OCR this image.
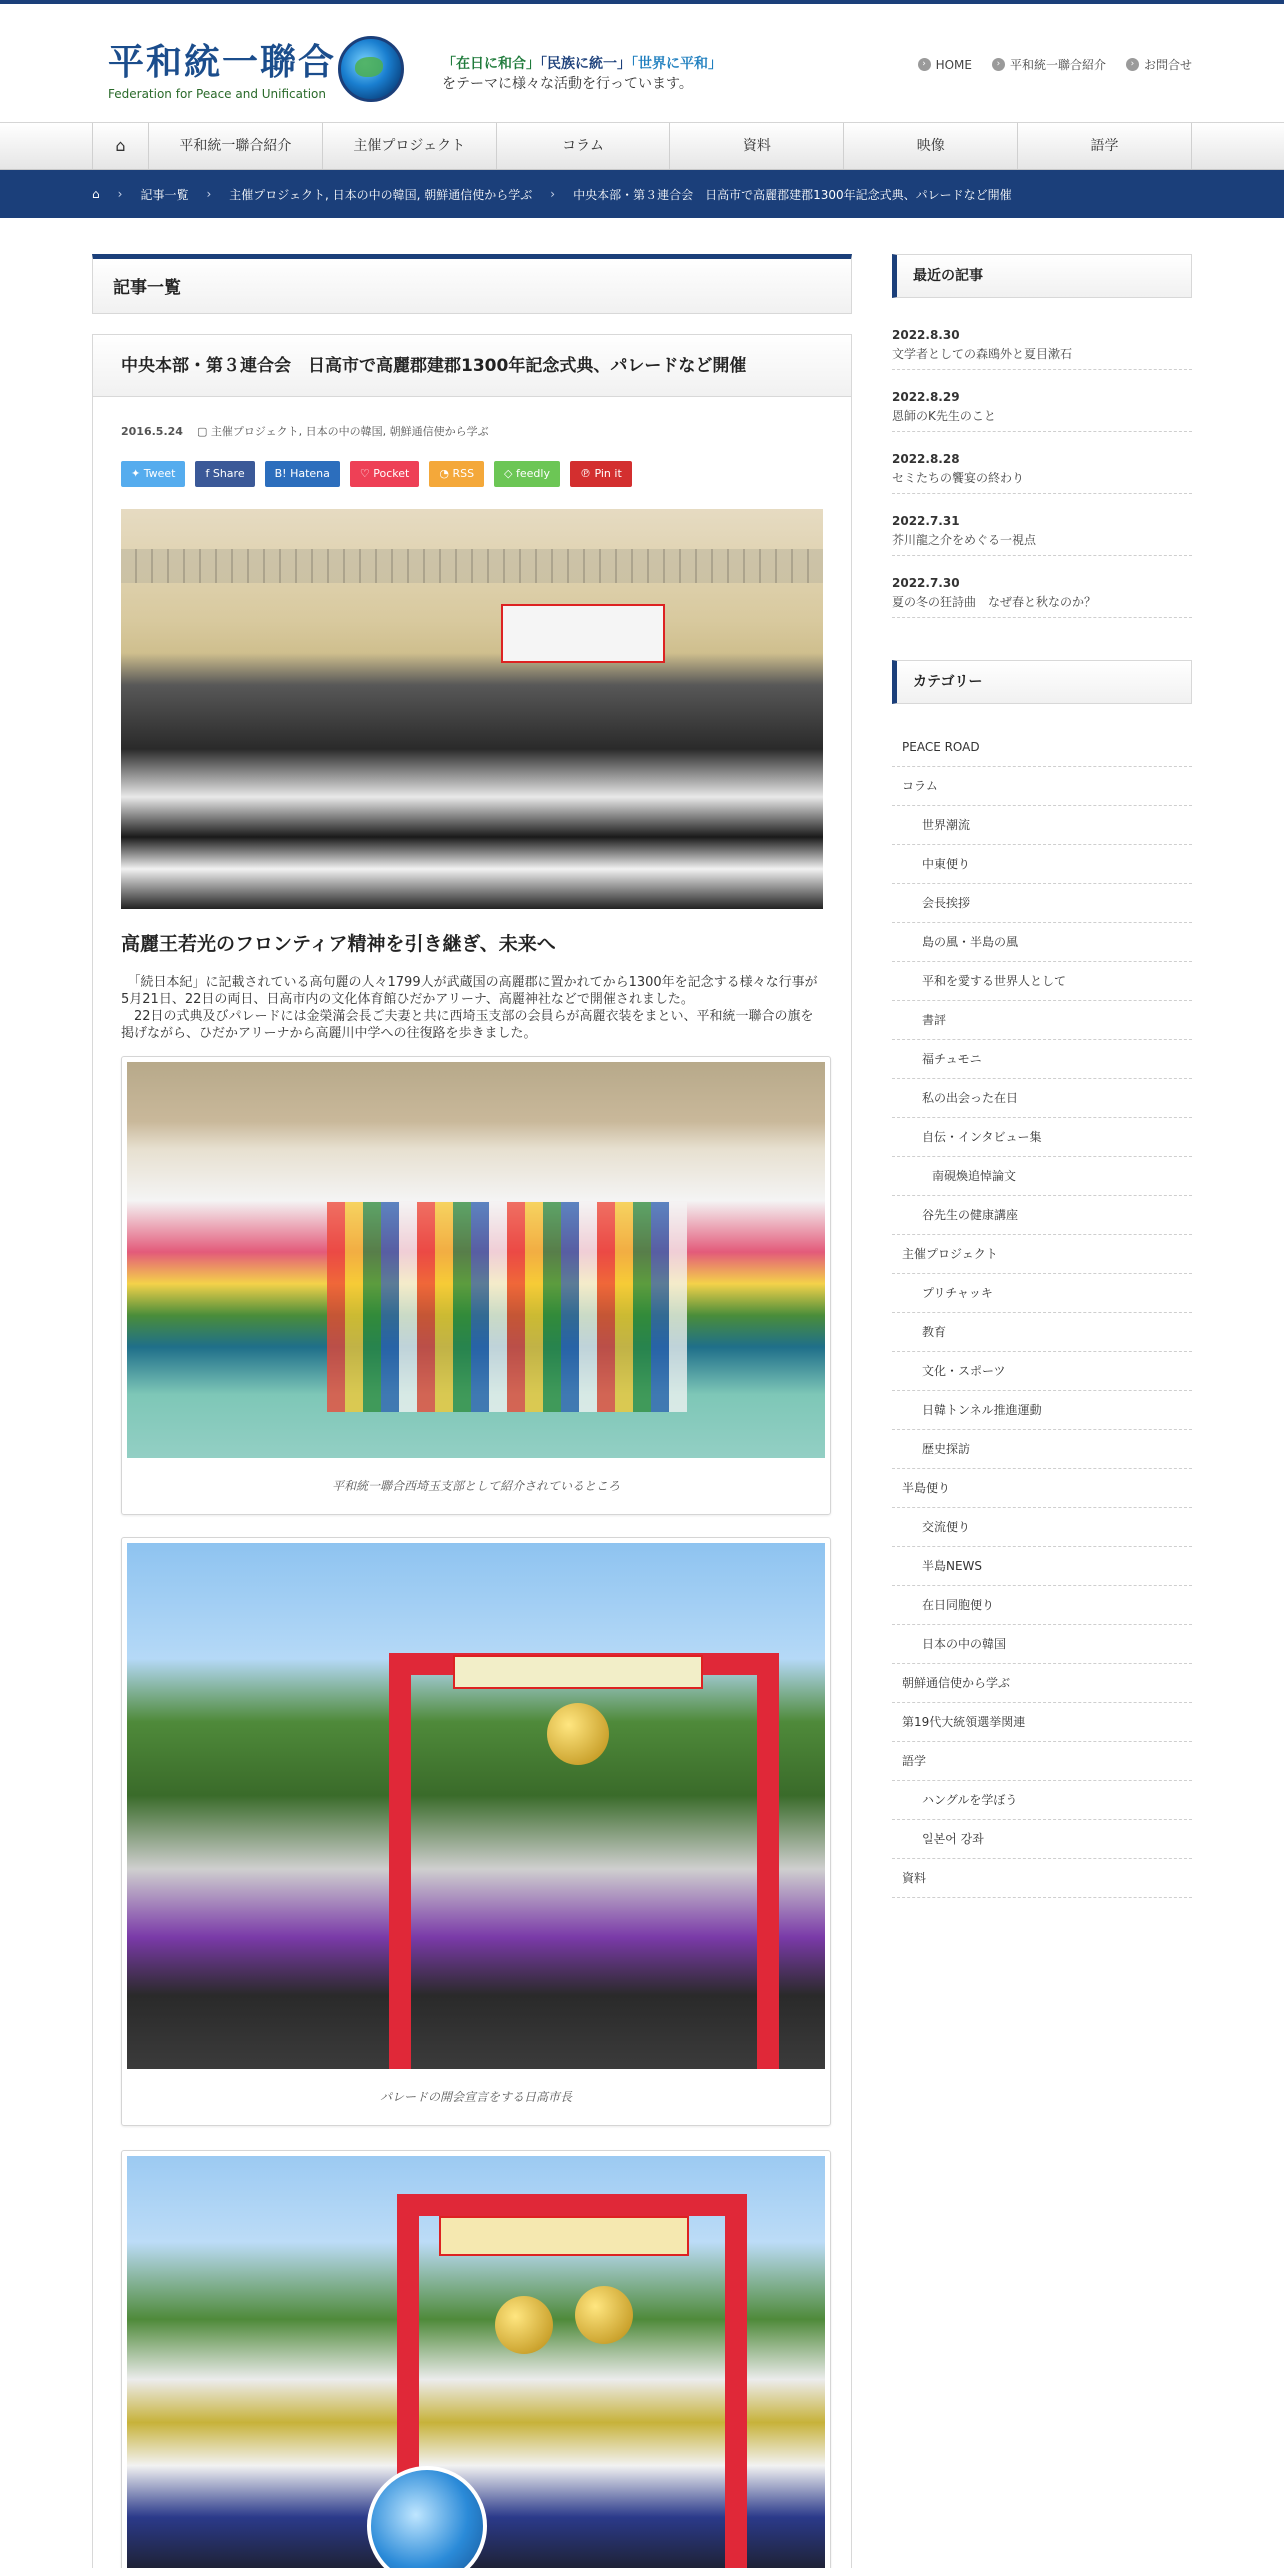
平和統一聯合
Federation for Peace and Unification
「在日に和合」「民族に統一」「世界に平和」
をテーマに様々な活動を行っています。
› HOME	› 平和統一聯合紹介	› お問合せ
⌂	平和統一聯合紹介	主催プロジェクト	コラム	資料	映像	語学
⌂ › 記事一覧 › 主催プロジェクト, 日本の中の韓国, 朝鮮通信使から学ぶ › 中央本部・第３連合会　日高市で高麗郡建郡1300年記念式典、パレードなど開催
記事一覧
中央本部・第３連合会　日高市で高麗郡建郡1300年記念式典、パレードなど開催
2016.5.24 ▢ 主催プロジェクト, 日本の中の韓国, 朝鮮通信使から学ぶ
✦ Tweet	f Share	B! Hatena	♡ Pocket	◔ RSS	◇ feedly	℗ Pin it
高麗王若光のフロンティア精神を引き継ぎ、未来へ

　「続日本紀」に記載されている高句麗の人々1799人が武蔵国の高麗郡に置かれてから1300年を記念する様々な行事が5月21日、22日の両日、日高市内の文化体育館ひだかアリーナ、高麗神社などで開催されました。

　22日の式典及びパレードには金榮滿会長ご夫妻と共に西埼玉支部の会員らが高麗衣装をまとい、平和統一聯合の旗を掲げながら、ひだかアリーナから高麗川中学への往復路を歩きました。

平和統一聯合西埼玉支部として紹介されているところ
パレードの開会宣言をする日高市長
最近の記事
2022.8.30
文学者としての森鴎外と夏目漱石
2022.8.29
恩師のK先生のこと
2022.8.28
セミたちの饗宴の終わり
2022.7.31
芥川龍之介をめぐる一視点
2022.7.30
夏の冬の狂詩曲　なぜ春と秋なのか？
カテゴリー
PEACE ROAD
コラム
世界潮流
中東便り
会長挨拶
島の風・半島の風
平和を愛する世界人として
書評
福チュモニ
私の出会った在日
自伝・インタビュー集
南硯煥追悼論文
谷先生の健康講座
主催プロジェクト
プリチャッキ
教育
文化・スポーツ
日韓トンネル推進運動
歴史探訪
半島便り
交流便り
半島NEWS
在日同胞便り
日本の中の韓国
朝鮮通信使から学ぶ
第19代大統領選挙関連
語学
ハングルを学ぼう
일본어 강좌
資料
